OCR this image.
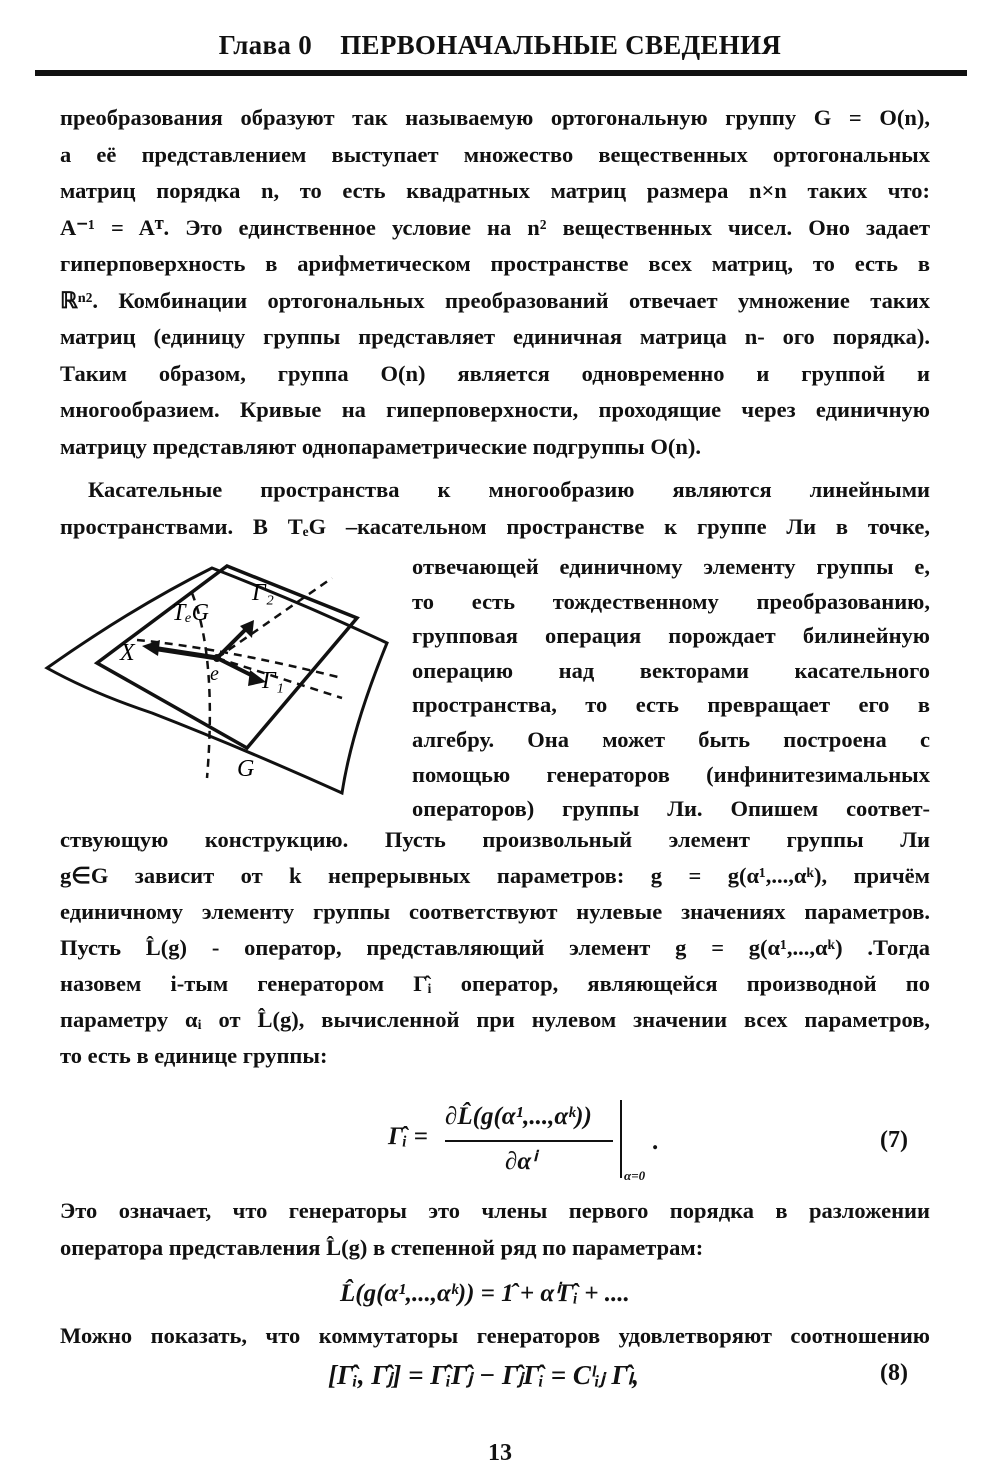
Глава 0 ПЕРВОНАЧАЛЬНЫЕ СВЕДЕНИЯ

преобразования образуют так называемую ортогональную группу G = O(n),
а её представлением выступает множество вещественных ортогональных
матриц порядка n, то есть квадратных матриц размера n×n таких что:
A⁻¹ = Aᵀ. Это единственное условие на n² вещественных чисел. Оно задает
гиперповерхность в арифметическом пространстве всех матриц, то есть в
ℝⁿ². Комбинации ортогональных преобразований отвечает умножение таких
матриц (единицу группы представляет единичная матрица n- ого порядка).
Таким образом, группа O(n) является одновременно и группой и
многообразием. Кривые на гиперповерхности, проходящие через единичную
матрицу представляют однопараметрические подгруппы O(n).

Касательные пространства к многообразию являются линейными
пространствами. В TₑG –касательном пространстве к группе Ли в точке,

TₑG
Γ₂
Γ₁
X
e
G

отвечающей единичному элементу группы e,
то есть тождественному преобразованию,
групповая операция порождает билинейную
операцию над векторами касательного
пространства, то есть превращает его в
алгебру. Она может быть построена с
помощью генераторов (инфинитезимальных
операторов) группы Ли. Опишем соответ-

ствующую конструкцию. Пусть произвольный элемент группы Ли
g∈G зависит от k непрерывных параметров: g = g(α¹,...,αᵏ), причём
единичному элементу группы соответствуют нулевые значениях параметров.
Пусть L̂(g) - оператор, представляющий элемент g = g(α¹,...,αᵏ) .Тогда
назовем i-тым генератором Γ̂ᵢ оператор, являющейся производной по
параметру αᵢ от L̂(g), вычисленной при нулевом значении всех параметров,
то есть в единице группы:

Γ̂ᵢ =
∂L̂(g(α¹,...,αᵏ))
∂αⁱ
α=0
.	(7)

Это означает, что генераторы это члены первого порядка в разложении
оператора представления L̂(g) в степенной ряд по параметрам:

L̂(g(α¹,...,αᵏ)) = 1̂ + αⁱΓ̂ᵢ + ....

Можно показать, что коммутаторы генераторов удовлетворяют соотношению

[Γ̂ᵢ, Γ̂ⱼ] = Γ̂ᵢΓ̂ⱼ − Γ̂ⱼΓ̂ᵢ = Cˡᵢⱼ Γ̂ₗ,	(8)
13
